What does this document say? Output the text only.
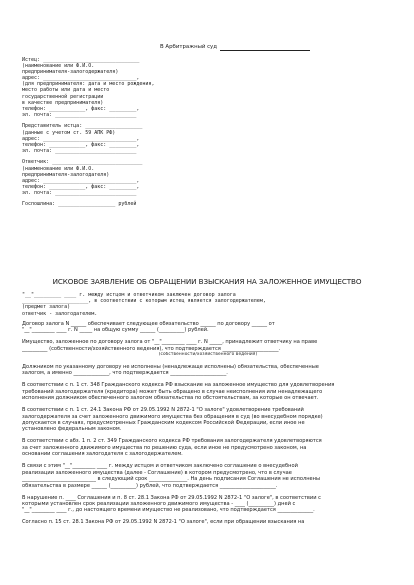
В Арбитражный суд
Истец: ________________________________
(наименование или Ф.И.О.
предпринимателя-залогодержателя)
адрес: _______________________________,
(для предпринимателя: дата и место рождения,
место работы или дата и место
государственной регистрации
в качестве предпринимателя)
телефон: ____________, факс: _________,
эл. почта: ___________________________
Представитель истца: ___________________
(данные с учетом ст. 59 АПК РФ)
адрес: _______________________________,
телефон: ____________, факс: _________,
эл. почта: ___________________________
Ответчик: ______________________________
(наименование или Ф.И.О.
предпринимателя-залогодателя)
адрес: _______________________________,
телефон: ____________, факс: _________,
эл. почта: ___________________________
Госпошлина: ___________________ рублей
ИСКОВОЕ ЗАЯВЛЕНИЕ ОБ ОБРАЩЕНИИ ВЗЫСКАНИЯ НА ЗАЛОЖЕННОЕ ИМУЩЕСТВО
"__"_________ ____ г. между истцом и ответчиком заключен договор залога
______________________, в соответствии с которым истец является залогодержателем,
(предмет залога)
ответчик - залогодателем.
Договор залога N ______ обеспечивает следующее обязательство ______ по договору ______ от
"__"_________ ____ г. N _____ на общую сумму ______ (__________) рублей.
Имущество, заложенное по договору залога от "__"_________ ____ г. N _____, принадлежит ответчику на праве
__________ (собственности/хозяйственного ведения), что подтверждается ______________________.
(собственности/хозяйственного ведения)
Должником по указанному договору не исполнены (ненадлежаще исполнены) обязательства, обеспеченные
залогом, а именно ______________, что подтверждается ______________________.
В соответствии с п. 1 ст. 348 Гражданского кодекса РФ взыскание на заложенное имущество для удовлетворения
требований залогодержателя (кредитора) может быть обращено в случае неисполнения или ненадлежащего
исполнения должником обеспеченного залогом обязательства по обстоятельствам, за которые он отвечает.
В соответствии с п. 1 ст. 24.1 Закона РФ от 29.05.1992 N 2872-1 "О залоге" удовлетворение требований
залогодержателя за счет заложенного движимого имущества без обращения в суд (во внесудебном порядке)
допускается в случаях, предусмотренных Гражданским кодексом Российской Федерации, если иное не
установлено федеральным законом.
В соответствии с абз. 1 п. 2 ст. 349 Гражданского кодекса РФ требования залогодержателя удовлетворяются
за счет заложенного движимого имущества по решению суда, если иное не предусмотрено законом, на
основании соглашения залогодателя с залогодержателем.
В связи с этим "__"_________ ____ г. между истцом и ответчиком заключено соглашение о внесудебной
реализации заложенного имущества (далее - Соглашение) в котором предусмотрено, что в случае
_____________________________ в следующий срок _______________. На день подписания Соглашения не исполнены
обязательства в размере ______ (__________) рублей, что подтверждается ______________________.
В нарушение п. ____ Соглашения и п. 8 ст. 28.1 Закона РФ от 29.05.1992 N 2872-1 "О залоге", в соответствии с
которыми установлен срок реализации заложенного движимого имущества - ____ (__________) дней с
"__"_________ ____ г., до настоящего времени имущество не реализовано, что подтверждается ______________.
Согласно п. 15 ст. 28.1 Закона РФ от 29.05.1992 N 2872-1 "О залоге", если при обращении взыскания на
